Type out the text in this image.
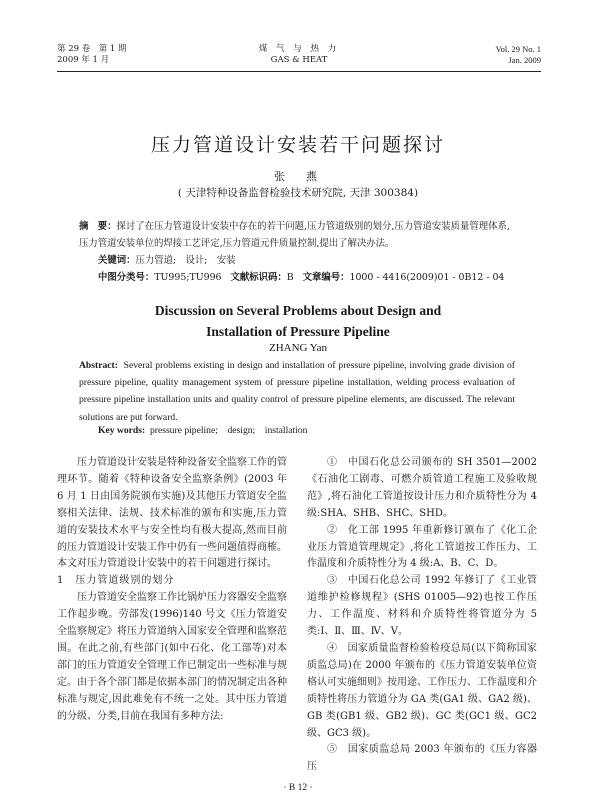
第 29 卷　第 1 期
2009 年 1 月
煤 气 与 热 力
GAS & HEAT
Vol. 29 No. 1
Jan. 2009
压力管道设计安装若干问题探讨
张　燕
( 天津特种设备监督检验技术研究院, 天津 300384)
摘　要：探讨了在压力管道设计安装中存在的若干问题,压力管道级别的划分,压力管道安装质量管理体系,压力管道安装单位的焊接工艺评定,压力管道元件质量控制,提出了解决办法。
关键词：压力管道;　设计;　安装
中图分类号：TU995;TU996 文献标识码：B 文章编号：1000 - 4416(2009)01 - 0B12 - 04
Discussion on Several Problems about Design and
Installation of Pressure Pipeline
ZHANG Yan
Abstract: Several problems existing in design and installation of pressure pipeline, involving grade division of pressure pipeline, quality management system of pressure pipeline installation, welding process evaluation of pressure pipeline installation units and quality control of pressure pipeline elements, are discussed. The relevant solutions are put forward.
Key words: pressure pipeline;　design;　installation

压力管道设计安装是特种设备安全监察工作的管理环节。随着《特种设备安全监察条例》(2003 年 6 月 1 日由国务院颁布实施)及其他压力管道安全监察相关法律、法规、技术标准的颁布和实施,压力管道的安装技术水平与安全性均有极大提高,然而目前的压力管道设计安装工作中仍有一些问题值得商榷。本文对压力管道设计安装中的若干问题进行探讨。

1　压力管道级别的划分

压力管道安全监察工作比锅炉压力容器安全监察工作起步晚。劳部发(1996)140 号文《压力管道安全监察规定》将压力管道纳入国家安全管理和监察范围。在此之前,有些部门(如中石化、化工部等)对本部门的压力管道安全管理工作已制定出一些标准与规定。由于各个部门都是依据本部门的情况制定出各种标准与规定,因此难免有不统一之处。其中压力管道的分级、分类,目前在我国有多种方法:

①　中国石化总公司颁布的 SH 3501—2002《石油化工剧毒、可燃介质管道工程施工及验收规范》,将石油化工管道按设计压力和介质特性分为 4 级:SHA、SHB、SHC、SHD。

②　化工部 1995 年重新修订颁布了《化工企业压力管道管理规定》,将化工管道按工作压力、工作温度和介质特性分为 4 级:A、B、C、D。

③　中国石化总公司 1992 年修订了《工业管道维护检修规程》(SHS 01005—92)也按工作压力、工作温度、材料和介质特性将管道分为 5 类:Ⅰ、Ⅱ、Ⅲ、Ⅳ、Ⅴ。

④　国家质量监督检验检疫总局(以下简称国家质监总局)在 2000 年颁布的《压力管道安装单位资格认可实施细则》按用途、工作压力、工作温度和介质特性将压力管道分为 GA 类(GA1 级、GA2 级)、GB 类(GB1 级、GB2 级)、GC 类(GC1 级、GC2 级、GC3 级)。

⑤　国家质监总局 2003 年颁布的《压力容器压

· B 12 ·
